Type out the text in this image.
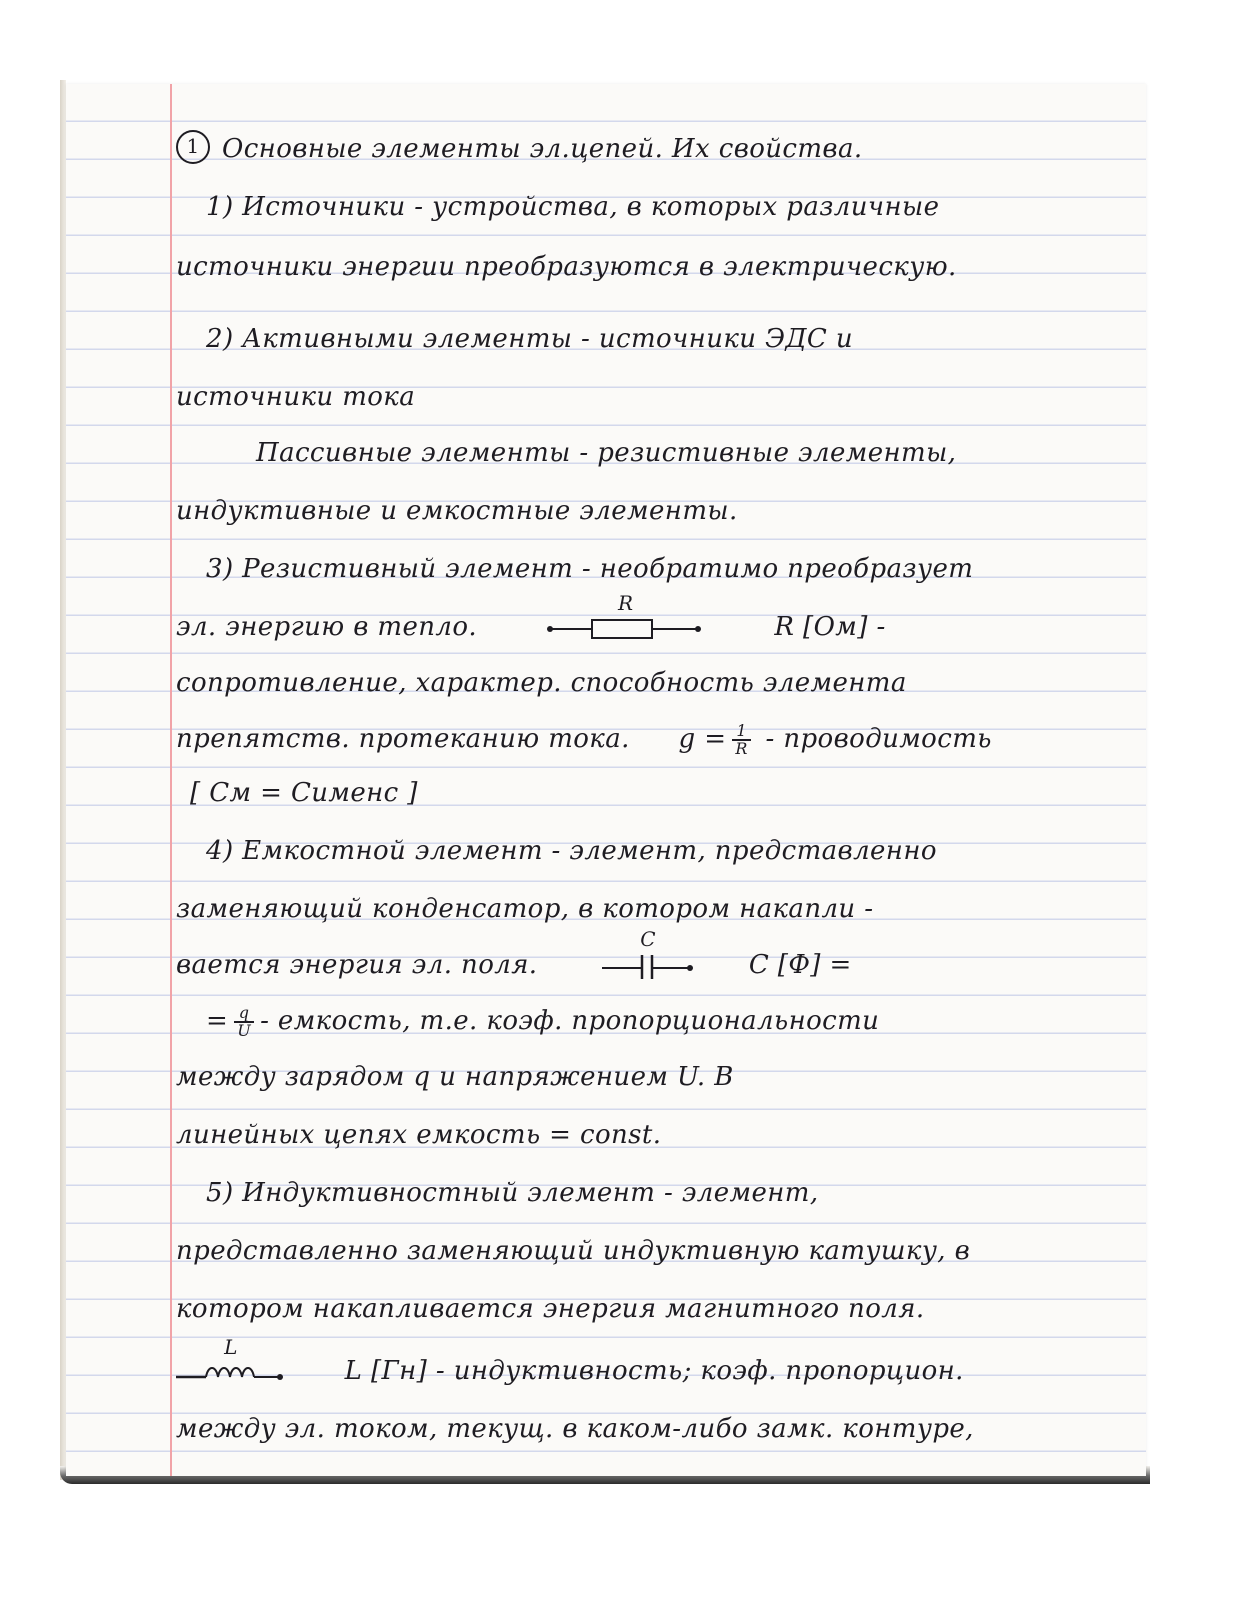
1 Основные элементы эл.цепей. Их свойства.
1) Источники - устройства, в которых различные
источники энергии преобразуются в электрическую.
2) Активными элементы - источники ЭДС и
источники тока
Пассивные элементы - резистивные элементы,
индуктивные и емкостные элементы.
3) Резистивный элемент - необратимо преобразует
эл. энергию в тепло.
R
R [Ом] -
сопротивление, характер. способность элемента
препятств. протеканию тока. $g = \frac{1}{R}$ - проводимость
[ См = Сименс ]
4) Емкостной элемент - элемент, представленно
заменяющий конденсатор, в котором накапли -
вается энергия эл. поля.
C
C [Ф] =
= $\frac{q}{U}$ - емкость, т.е. коэф. пропорциональности
между зарядом q и напряжением U. В
линейных цепях емкость = const.
5) Индуктивностный элемент - элемент,
представленно заменяющий индуктивную катушку, в
котором накапливается энергия магнитного поля.
L
L [Гн] - индуктивность; коэф. пропорцион.
между эл. током, текущ. в каком-либо замк. контуре,
